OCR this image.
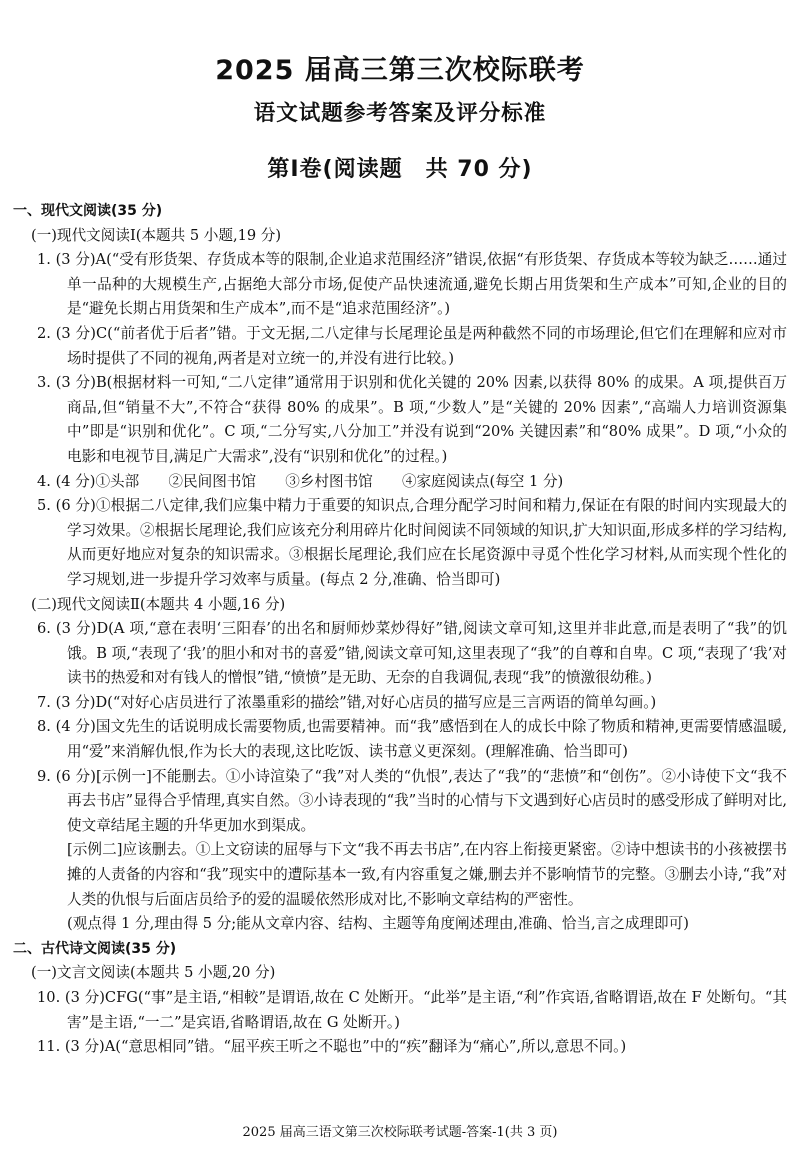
2025 届高三第三次校际联考
语文试题参考答案及评分标准
第Ⅰ卷(阅读题　共 70 分)
一、现代文阅读(35 分)
(一)现代文阅读Ⅰ(本题共 5 小题,19 分)
1. (3 分)A(“受有形货架、存货成本等的限制,企业追求范围经济”错误,依据“有形货架、存货成本等较为缺乏……通过单一品种的大规模生产,占据绝大部分市场,促使产品快速流通,避免长期占用货架和生产成本”可知,企业的目的是“避免长期占用货架和生产成本”,而不是“追求范围经济”。)
2. (3 分)C(“前者优于后者”错。于文无据,二八定律与长尾理论虽是两种截然不同的市场理论,但它们在理解和应对市场时提供了不同的视角,两者是对立统一的,并没有进行比较。)
3. (3 分)B(根据材料一可知,“二八定律”通常用于识别和优化关键的 20% 因素,以获得 80% 的成果。A 项,提供百万商品,但“销量不大”,不符合“获得 80% 的成果”。B 项,“少数人”是“关键的 20% 因素”,“高端人力培训资源集中”即是“识别和优化”。C 项,“二分写实,八分加工”并没有说到“20% 关键因素”和“80% 成果”。D 项,“小众的电影和电视节目,满足广大需求”,没有“识别和优化”的过程。)
4. (4 分)①头部　　②民间图书馆　　③乡村图书馆　　④家庭阅读点(每空 1 分)
5. (6 分)①根据二八定律,我们应集中精力于重要的知识点,合理分配学习时间和精力,保证在有限的时间内实现最大的学习效果。②根据长尾理论,我们应该充分利用碎片化时间阅读不同领域的知识,扩大知识面,形成多样的学习结构,从而更好地应对复杂的知识需求。③根据长尾理论,我们应在长尾资源中寻觅个性化学习材料,从而实现个性化的学习规划,进一步提升学习效率与质量。(每点 2 分,准确、恰当即可)
(二)现代文阅读Ⅱ(本题共 4 小题,16 分)
6. (3 分)D(A 项,“意在表明‘三阳春’的出名和厨师炒菜炒得好”错,阅读文章可知,这里并非此意,而是表明了“我”的饥饿。B 项,“表现了‘我’的胆小和对书的喜爱”错,阅读文章可知,这里表现了“我”的自尊和自卑。C 项,“表现了‘我’对读书的热爱和对有钱人的憎恨”错,“愤愤”是无助、无奈的自我调侃,表现“我”的愤激很幼稚。)
7. (3 分)D(“对好心店员进行了浓墨重彩的描绘”错,对好心店员的描写应是三言两语的简单勾画。)
8. (4 分)国文先生的话说明成长需要物质,也需要精神。而“我”感悟到在人的成长中除了物质和精神,更需要情感温暖,用“爱”来消解仇恨,作为长大的表现,这比吃饭、读书意义更深刻。(理解准确、恰当即可)
9. (6 分)[示例一]不能删去。①小诗渲染了“我”对人类的“仇恨”,表达了“我”的“悲愤”和“创伤”。②小诗使下文“我不再去书店”显得合乎情理,真实自然。③小诗表现的“我”当时的心情与下文遇到好心店员时的感受形成了鲜明对比,使文章结尾主题的升华更加水到渠成。
[示例二]应该删去。①上文窃读的屈辱与下文“我不再去书店”,在内容上衔接更紧密。②诗中想读书的小孩被摆书摊的人责备的内容和“我”现实中的遭际基本一致,有内容重复之嫌,删去并不影响情节的完整。③删去小诗,“我”对人类的仇恨与后面店员给予的爱的温暖依然形成对比,不影响文章结构的严密性。
(观点得 1 分,理由得 5 分;能从文章内容、结构、主题等角度阐述理由,准确、恰当,言之成理即可)
二、古代诗文阅读(35 分)
(一)文言文阅读(本题共 5 小题,20 分)
10. (3 分)CFG(“事”是主语,“相較”是谓语,故在 C 处断开。“此举”是主语,“利”作宾语,省略谓语,故在 F 处断句。“其害”是主语,“一二”是宾语,省略谓语,故在 G 处断开。)
11. (3 分)A(“意思相同”错。“屈平疾王听之不聪也”中的“疾”翻译为“痛心”,所以,意思不同。)
2025 届高三语文第三次校际联考试题-答案-1(共 3 页)
